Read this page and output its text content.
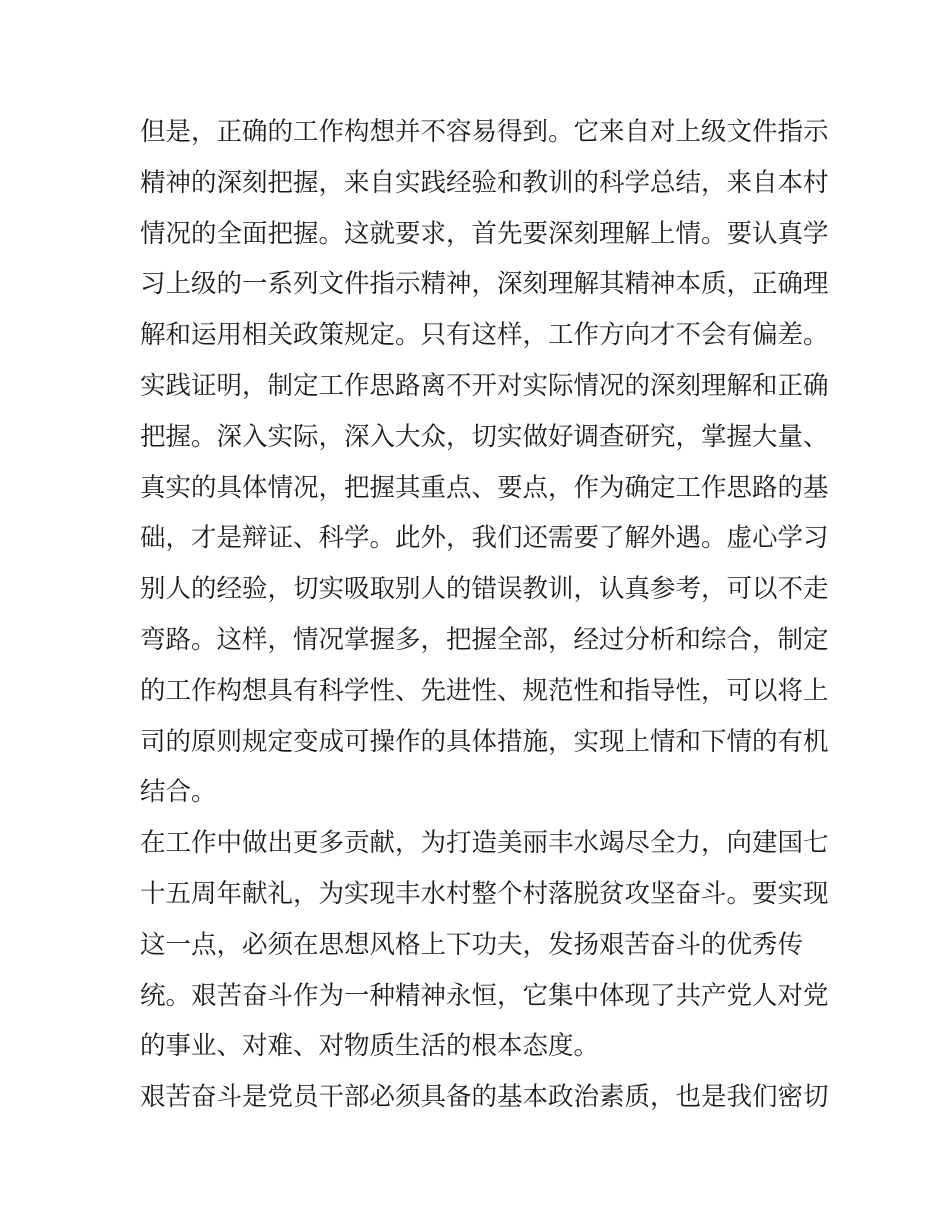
但是，正确的工作构想并不容易得到。它来自对上级文件指示
精神的深刻把握，来自实践经验和教训的科学总结，来自本村
情况的全面把握。这就要求，首先要深刻理解上情。要认真学
习上级的一系列文件指示精神，深刻理解其精神本质，正确理
解和运用相关政策规定。只有这样，工作方向才不会有偏差。
实践证明，制定工作思路离不开对实际情况的深刻理解和正确
把握。深入实际，深入大众，切实做好调查研究，掌握大量、
真实的具体情况，把握其重点、要点，作为确定工作思路的基
础，才是辩证、科学。此外，我们还需要了解外遇。虚心学习
别人的经验，切实吸取别人的错误教训，认真参考，可以不走
弯路。这样，情况掌握多，把握全部，经过分析和综合，制定
的工作构想具有科学性、先进性、规范性和指导性，可以将上
司的原则规定变成可操作的具体措施，实现上情和下情的有机
结合。
在工作中做出更多贡献，为打造美丽丰水竭尽全力，向建国七
十五周年献礼，为实现丰水村整个村落脱贫攻坚奋斗。要实现
这一点，必须在思想风格上下功夫，发扬艰苦奋斗的优秀传
统。艰苦奋斗作为一种精神永恒，它集中体现了共产党人对党
的事业、对难、对物质生活的根本态度。
艰苦奋斗是党员干部必须具备的基本政治素质，也是我们密切
